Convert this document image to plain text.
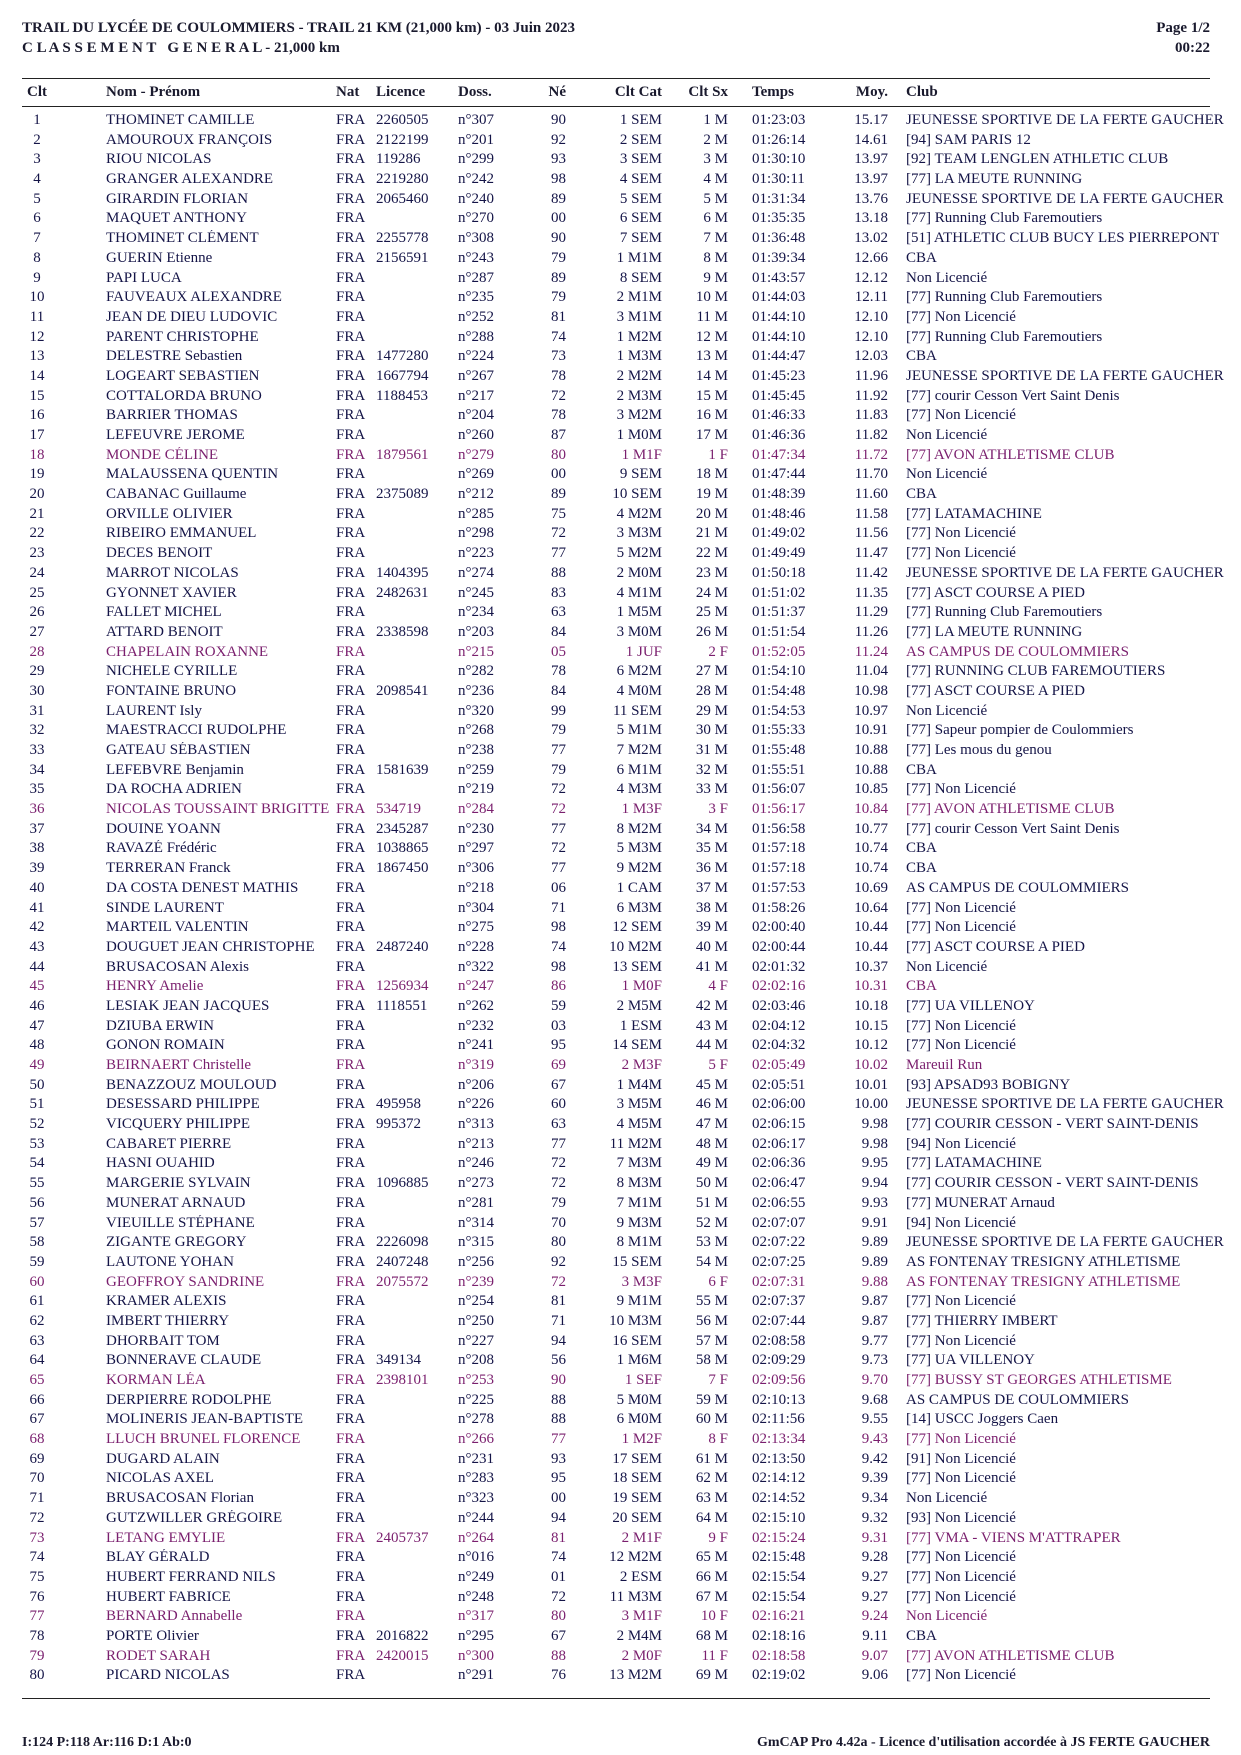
TRAIL DU LYCÉE DE COULOMMIERS - TRAIL 21 KM (21,000 km) - 03 Juin 2023
C L A S S E M E N T   G E N E R A L - 21,000 km
Page 1/2
00:22
Clt	Nom - Prénom	Nat	Licence	Doss.	Né	Clt Cat	Clt Sx Temps	Moy. Club
1	THOMINET CAMILLE	FRA 2260505	n°307	90	1 SEM	1 M 01:23:03	15.17 JEUNESSE SPORTIVE DE LA FERTE GAUCHER
2	AMOUROUX FRANÇOIS	FRA 2122199	n°201	92	2 SEM	2 M 01:26:14	14.61 [94] SAM PARIS 12
3	RIOU NICOLAS	FRA 119286	n°299	93	3 SEM	3 M 01:30:10	13.97 [92] TEAM LENGLEN ATHLETIC CLUB
4	GRANGER ALEXANDRE	FRA 2219280	n°242	98	4 SEM	4 M 01:30:11	13.97 [77] LA MEUTE RUNNING
5	GIRARDIN FLORIAN	FRA 2065460	n°240	89	5 SEM	5 M 01:31:34	13.76 JEUNESSE SPORTIVE DE LA FERTE GAUCHER
6	MAQUET ANTHONY	FRA	n°270	00	6 SEM	6 M 01:35:35	13.18 [77] Running Club Faremoutiers
7	THOMINET CLÉMENT	FRA 2255778	n°308	90	7 SEM	7 M 01:36:48	13.02 [51] ATHLETIC CLUB BUCY LES PIERREPONT
8	GUERIN Etienne	FRA 2156591	n°243	79	1 M1M	8 M 01:39:34	12.66 CBA
9	PAPI LUCA	FRA	n°287	89	8 SEM	9 M 01:43:57	12.12 Non Licencié
10	FAUVEAUX ALEXANDRE	FRA	n°235	79	2 M1M	10 M 01:44:03	12.11 [77] Running Club Faremoutiers
11	JEAN DE DIEU LUDOVIC	FRA	n°252	81	3 M1M	11 M 01:44:10	12.10 [77] Non Licencié
12	PARENT CHRISTOPHE	FRA	n°288	74	1 M2M	12 M 01:44:10	12.10 [77] Running Club Faremoutiers
13	DELESTRE Sebastien	FRA 1477280	n°224	73	1 M3M	13 M 01:44:47	12.03 CBA
14	LOGEART SEBASTIEN	FRA 1667794	n°267	78	2 M2M	14 M 01:45:23	11.96 JEUNESSE SPORTIVE DE LA FERTE GAUCHER
15	COTTALORDA BRUNO	FRA 1188453	n°217	72	2 M3M	15 M 01:45:45	11.92 [77] courir Cesson Vert Saint Denis
16	BARRIER THOMAS	FRA	n°204	78	3 M2M	16 M 01:46:33	11.83 [77] Non Licencié
17	LEFEUVRE JEROME	FRA	n°260	87	1 M0M	17 M 01:46:36	11.82 Non Licencié
18	MONDE CÉLINE	FRA 1879561	n°279	80	1 M1F	1 F 01:47:34	11.72 [77] AVON ATHLETISME CLUB
19	MALAUSSENA QUENTIN	FRA	n°269	00	9 SEM	18 M 01:47:44	11.70 Non Licencié
20	CABANAC Guillaume	FRA 2375089	n°212	89	10 SEM	19 M 01:48:39	11.60 CBA
21	ORVILLE OLIVIER	FRA	n°285	75	4 M2M	20 M 01:48:46	11.58 [77] LATAMACHINE
22	RIBEIRO EMMANUEL	FRA	n°298	72	3 M3M	21 M 01:49:02	11.56 [77] Non Licencié
23	DECES BENOIT	FRA	n°223	77	5 M2M	22 M 01:49:49	11.47 [77] Non Licencié
24	MARROT NICOLAS	FRA 1404395	n°274	88	2 M0M	23 M 01:50:18	11.42 JEUNESSE SPORTIVE DE LA FERTE GAUCHER
25	GYONNET XAVIER	FRA 2482631	n°245	83	4 M1M	24 M 01:51:02	11.35 [77] ASCT COURSE A PIED
26	FALLET MICHEL	FRA	n°234	63	1 M5M	25 M 01:51:37	11.29 [77] Running Club Faremoutiers
27	ATTARD BENOIT	FRA 2338598	n°203	84	3 M0M	26 M 01:51:54	11.26 [77] LA MEUTE RUNNING
28	CHAPELAIN ROXANNE	FRA	n°215	05	1 JUF	2 F 01:52:05	11.24 AS CAMPUS DE COULOMMIERS
29	NICHELE CYRILLE	FRA	n°282	78	6 M2M	27 M 01:54:10	11.04 [77] RUNNING CLUB FAREMOUTIERS
30	FONTAINE BRUNO	FRA 2098541	n°236	84	4 M0M	28 M 01:54:48	10.98 [77] ASCT COURSE A PIED
31	LAURENT Isly	FRA	n°320	99	11 SEM	29 M 01:54:53	10.97 Non Licencié
32	MAESTRACCI RUDOLPHE	FRA	n°268	79	5 M1M	30 M 01:55:33	10.91 [77] Sapeur pompier de Coulommiers
33	GATEAU SÉBASTIEN	FRA	n°238	77	7 M2M	31 M 01:55:48	10.88 [77] Les mous du genou
34	LEFEBVRE Benjamin	FRA 1581639	n°259	79	6 M1M	32 M 01:55:51	10.88 CBA
35	DA ROCHA ADRIEN	FRA	n°219	72	4 M3M	33 M 01:56:07	10.85 [77] Non Licencié
36	NICOLAS TOUSSAINT BRIGITTE FRA 534719	n°284	72	1 M3F	3 F 01:56:17	10.84 [77] AVON ATHLETISME CLUB
37	DOUINE YOANN	FRA 2345287	n°230	77	8 M2M	34 M 01:56:58	10.77 [77] courir Cesson Vert Saint Denis
38	RAVAZÉ Frédéric	FRA 1038865	n°297	72	5 M3M	35 M 01:57:18	10.74 CBA
39	TERRERAN Franck	FRA 1867450	n°306	77	9 M2M	36 M 01:57:18	10.74 CBA
40	DA COSTA DENEST MATHIS	FRA	n°218	06	1 CAM	37 M 01:57:53	10.69 AS CAMPUS DE COULOMMIERS
41	SINDE LAURENT	FRA	n°304	71	6 M3M	38 M 01:58:26	10.64 [77] Non Licencié
42	MARTEIL VALENTIN	FRA	n°275	98	12 SEM	39 M 02:00:40	10.44 [77] Non Licencié
43	DOUGUET JEAN CHRISTOPHE	FRA 2487240	n°228	74	10 M2M	40 M 02:00:44	10.44 [77] ASCT COURSE A PIED
44	BRUSACOSAN Alexis	FRA	n°322	98	13 SEM	41 M 02:01:32	10.37 Non Licencié
45	HENRY Amelie	FRA 1256934	n°247	86	1 M0F	4 F 02:02:16	10.31 CBA
46	LESIAK JEAN JACQUES	FRA 1118551	n°262	59	2 M5M	42 M 02:03:46	10.18 [77] UA VILLENOY
47	DZIUBA ERWIN	FRA	n°232	03	1 ESM	43 M 02:04:12	10.15 [77] Non Licencié
48	GONON ROMAIN	FRA	n°241	95	14 SEM	44 M 02:04:32	10.12 [77] Non Licencié
49	BEIRNAERT Christelle	FRA	n°319	69	2 M3F	5 F 02:05:49	10.02 Mareuil Run
50	BENAZZOUZ MOULOUD	FRA	n°206	67	1 M4M	45 M 02:05:51	10.01 [93] APSAD93 BOBIGNY
51	DESESSARD PHILIPPE	FRA 495958	n°226	60	3 M5M	46 M 02:06:00	10.00 JEUNESSE SPORTIVE DE LA FERTE GAUCHER
52	VICQUERY PHILIPPE	FRA 995372	n°313	63	4 M5M	47 M 02:06:15	9.98 [77] COURIR CESSON - VERT SAINT-DENIS
53	CABARET PIERRE	FRA	n°213	77	11 M2M	48 M 02:06:17	9.98 [94] Non Licencié
54	HASNI OUAHID	FRA	n°246	72	7 M3M	49 M 02:06:36	9.95 [77] LATAMACHINE
55	MARGERIE SYLVAIN	FRA 1096885	n°273	72	8 M3M	50 M 02:06:47	9.94 [77] COURIR CESSON - VERT SAINT-DENIS
56	MUNERAT ARNAUD	FRA	n°281	79	7 M1M	51 M 02:06:55	9.93 [77] MUNERAT Arnaud
57	VIEUILLE STÉPHANE	FRA	n°314	70	9 M3M	52 M 02:07:07	9.91 [94] Non Licencié
58	ZIGANTE GREGORY	FRA 2226098	n°315	80	8 M1M	53 M 02:07:22	9.89 JEUNESSE SPORTIVE DE LA FERTE GAUCHER
59	LAUTONE YOHAN	FRA 2407248	n°256	92	15 SEM	54 M 02:07:25	9.89 AS FONTENAY TRESIGNY ATHLETISME
60	GEOFFROY SANDRINE	FRA 2075572	n°239	72	3 M3F	6 F 02:07:31	9.88 AS FONTENAY TRESIGNY ATHLETISME
61	KRAMER ALEXIS	FRA	n°254	81	9 M1M	55 M 02:07:37	9.87 [77] Non Licencié
62	IMBERT THIERRY	FRA	n°250	71	10 M3M	56 M 02:07:44	9.87 [77] THIERRY IMBERT
63	DHORBAIT TOM	FRA	n°227	94	16 SEM	57 M 02:08:58	9.77 [77] Non Licencié
64	BONNERAVE CLAUDE	FRA 349134	n°208	56	1 M6M	58 M 02:09:29	9.73 [77] UA VILLENOY
65	KORMAN LÉA	FRA 2398101	n°253	90	1 SEF	7 F 02:09:56	9.70 [77] BUSSY ST GEORGES ATHLETISME
66	DERPIERRE RODOLPHE	FRA	n°225	88	5 M0M	59 M 02:10:13	9.68 AS CAMPUS DE COULOMMIERS
67	MOLINERIS JEAN-BAPTISTE	FRA	n°278	88	6 M0M	60 M 02:11:56	9.55 [14] USCC Joggers Caen
68	LLUCH BRUNEL FLORENCE	FRA	n°266	77	1 M2F	8 F 02:13:34	9.43 [77] Non Licencié
69	DUGARD ALAIN	FRA	n°231	93	17 SEM	61 M 02:13:50	9.42 [91] Non Licencié
70	NICOLAS AXEL	FRA	n°283	95	18 SEM	62 M 02:14:12	9.39 [77] Non Licencié
71	BRUSACOSAN Florian	FRA	n°323	00	19 SEM	63 M 02:14:52	9.34 Non Licencié
72	GUTZWILLER GRÉGOIRE	FRA	n°244	94	20 SEM	64 M 02:15:10	9.32 [93] Non Licencié
73	LETANG EMYLIE	FRA 2405737	n°264	81	2 M1F	9 F 02:15:24	9.31 [77] VMA - VIENS M'ATTRAPER
74	BLAY GÉRALD	FRA	n°016	74	12 M2M	65 M 02:15:48	9.28 [77] Non Licencié
75	HUBERT FERRAND NILS	FRA	n°249	01	2 ESM	66 M 02:15:54	9.27 [77] Non Licencié
76	HUBERT FABRICE	FRA	n°248	72	11 M3M	67 M 02:15:54	9.27 [77] Non Licencié
77	BERNARD Annabelle	FRA	n°317	80	3 M1F	10 F 02:16:21	9.24 Non Licencié
78	PORTE Olivier	FRA 2016822	n°295	67	2 M4M	68 M 02:18:16	9.11 CBA
79	RODET SARAH	FRA 2420015	n°300	88	2 M0F	11 F 02:18:58	9.07 [77] AVON ATHLETISME CLUB
80	PICARD NICOLAS	FRA	n°291	76	13 M2M	69 M 02:19:02	9.06 [77] Non Licencié
I:124 P:118 Ar:116 D:1 Ab:0	GmCAP Pro 4.42a - Licence d'utilisation accordée à JS FERTE GAUCHER
